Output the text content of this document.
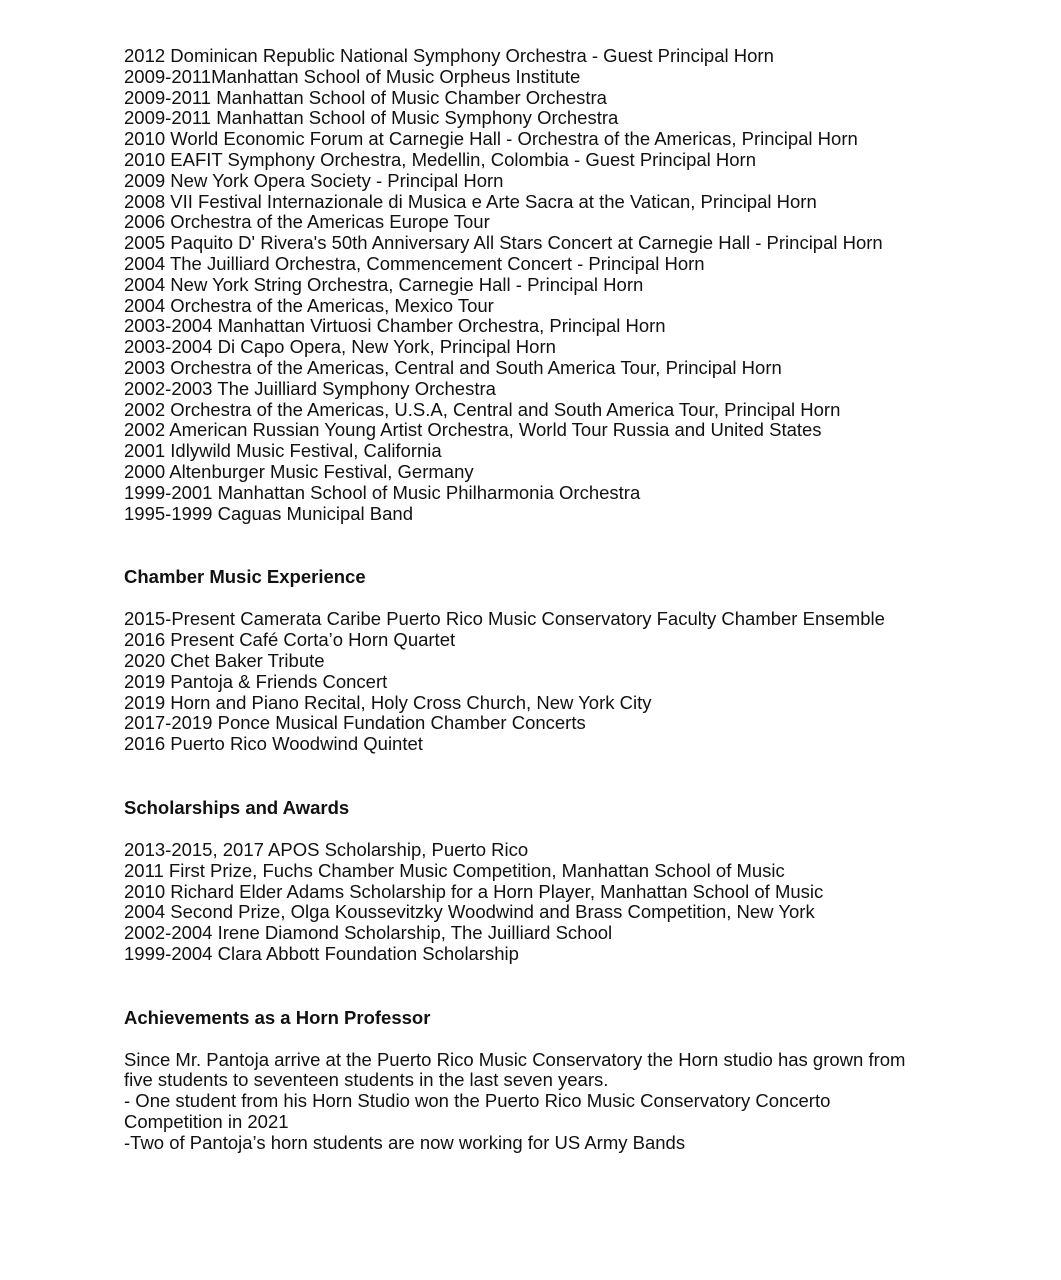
2012 Dominican Republic National Symphony Orchestra - Guest Principal Horn

2009-2011Manhattan School of Music Orpheus Institute

2009-2011 Manhattan School of Music Chamber Orchestra

2009-2011 Manhattan School of Music Symphony Orchestra

2010 World Economic Forum at Carnegie Hall - Orchestra of the Americas, Principal Horn

2010 EAFIT Symphony Orchestra, Medellin, Colombia - Guest Principal Horn

2009 New York Opera Society - Principal Horn

2008 VII Festival Internazionale di Musica e Arte Sacra at the Vatican, Principal Horn

2006 Orchestra of the Americas Europe Tour

2005 Paquito D' Rivera's 50th Anniversary All Stars Concert at Carnegie Hall - Principal Horn

2004 The Juilliard Orchestra, Commencement Concert - Principal Horn

2004 New York String Orchestra, Carnegie Hall - Principal Horn

2004 Orchestra of the Americas, Mexico Tour

2003-2004 Manhattan Virtuosi Chamber Orchestra, Principal Horn

2003-2004 Di Capo Opera, New York, Principal Horn

2003 Orchestra of the Americas, Central and South America Tour, Principal Horn

2002-2003 The Juilliard Symphony Orchestra

2002 Orchestra of the Americas, U.S.A, Central and South America Tour, Principal Horn

2002 American Russian Young Artist Orchestra, World Tour Russia and United States

2001 Idlywild Music Festival, California

2000 Altenburger Music Festival, Germany

1999-2001 Manhattan School of Music Philharmonia Orchestra

1995-1999 Caguas Municipal Band

Chamber Music Experience

2015-Present Camerata Caribe Puerto Rico Music Conservatory Faculty Chamber Ensemble

2016 Present Café Corta’o Horn Quartet

2020 Chet Baker Tribute

2019 Pantoja & Friends Concert

2019 Horn and Piano Recital, Holy Cross Church, New York City

2017-2019 Ponce Musical Fundation Chamber Concerts

2016 Puerto Rico Woodwind Quintet

Scholarships and Awards

2013-2015, 2017 APOS Scholarship, Puerto Rico

2011 First Prize, Fuchs Chamber Music Competition, Manhattan School of Music

2010 Richard Elder Adams Scholarship for a Horn Player, Manhattan School of Music

2004 Second Prize, Olga Koussevitzky Woodwind and Brass Competition, New York

2002-2004 Irene Diamond Scholarship, The Juilliard School

1999-2004 Clara Abbott Foundation Scholarship

Achievements as a Horn Professor

Since Mr. Pantoja arrive at the Puerto Rico Music Conservatory the Horn studio has grown from five students to seventeen students in the last seven years.

- One student from his Horn Studio won the Puerto Rico Music Conservatory Concerto Competition in 2021

-Two of Pantoja’s horn students are now working for US Army Bands
